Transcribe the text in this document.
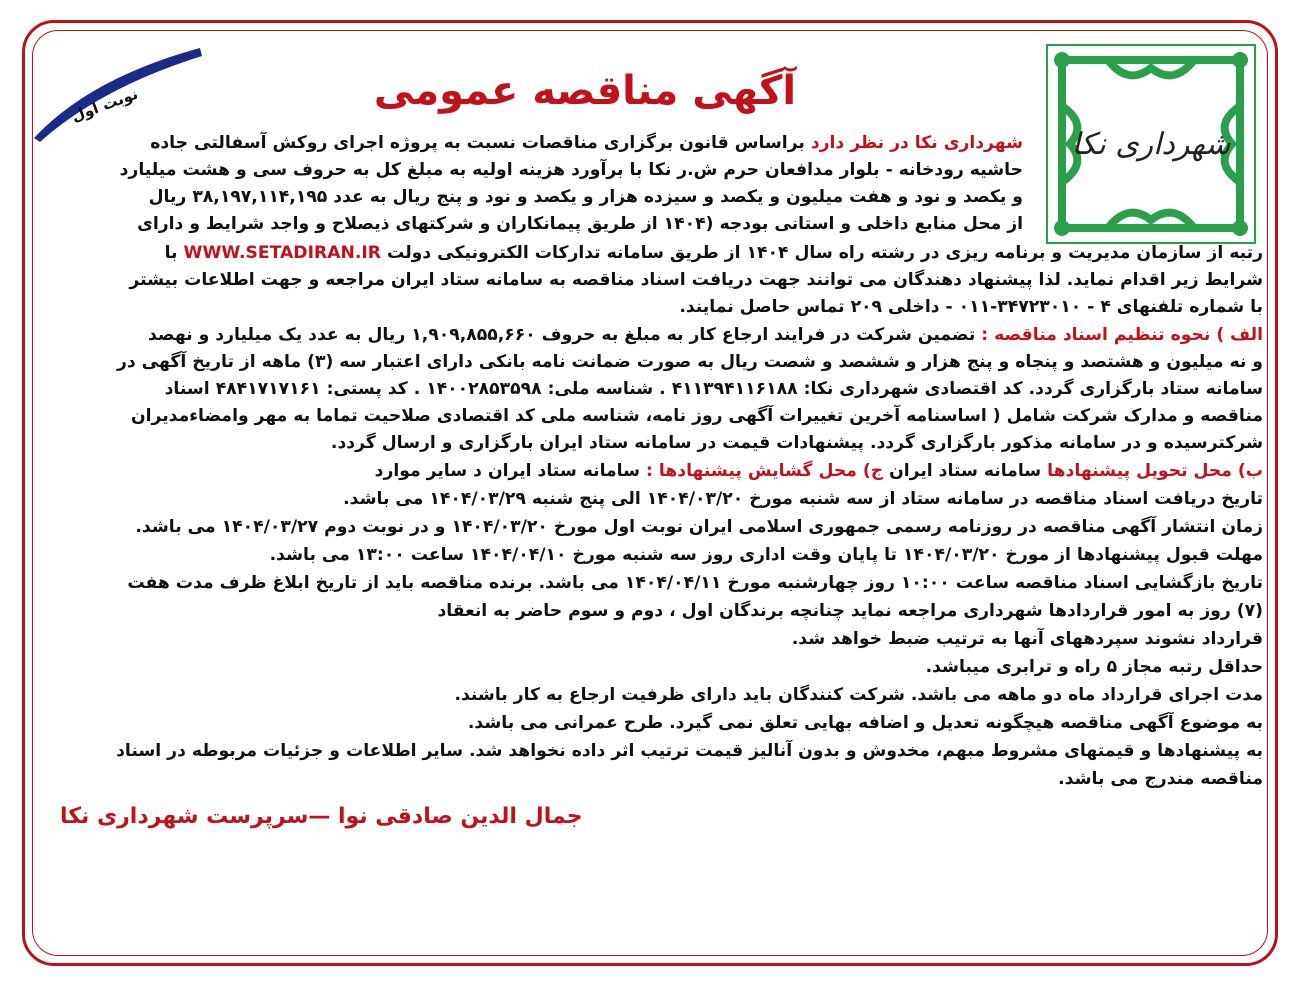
شهرداری نکا
نوبت اول	آگهی مناقصه عمومی
شهرداری نکا در نظر دارد براساس قانون برگزاری مناقصات نسبت به پروژه اجرای روکش آسفالتی جاده
حاشیه رودخانه - بلوار مدافعان حرم ش.ر نکا با برآورد هزینه اولیه به مبلغ کل به حروف سی و هشت میلیارد
و یکصد و نود و هفت میلیون و یکصد و سیزده هزار و یکصد و نود و پنج ریال به عدد ۳۸,۱۹۷,۱۱۴,۱۹۵ ریال
از محل منابع داخلی و استانی بودجه (۱۴۰۴ از طریق پیمانکاران و شرکتهای ذیصلاح و واجد شرایط و دارای
رتبه از سازمان مدیریت و برنامه ریزی در رشته راه سال ۱۴۰۴ از طریق سامانه تدارکات الکترونیکی دولت WWW.SETADIRAN.IR با
شرایط زیر اقدام نماید. لذا پیشنهاد دهندگان می توانند جهت دریافت اسناد مناقصه به سامانه ستاد ایران مراجعه و جهت اطلاعات بیشتر
با شماره تلفنهای ۴ - ۳۴۷۲۳۰۱۰-۰۱۱ - داخلی ۲۰۹ تماس حاصل نمایند.
الف ) نحوه تنظیم اسناد مناقصه : تضمین شرکت در فرایند ارجاع کار به مبلغ به حروف ۱,۹۰۹,۸۵۵,۶۶۰ ریال به عدد یک میلیارد و نهصد
و نه میلیون و هشتصد و پنجاه و پنج هزار و ششصد و شصت ریال به صورت ضمانت نامه بانکی دارای اعتبار سه (۳) ماهه از تاریخ آگهی در
سامانه ستاد بارگزاری گردد. کد اقتصادی شهرداری نکا: ۴۱۱۳۹۴۱۱۶۱۸۸ . شناسه ملی: ۱۴۰۰۲۸۵۳۵۹۸ . کد پستی: ۴۸۴۱۷۱۷۱۶۱ اسناد
مناقصه و مدارک شرکت شامل ( اساسنامه آخرین تغییرات آگهی روز نامه، شناسه ملی کد اقتصادی صلاحیت تماما به مهر وامضاءمدیران
شرکترسیده و در سامانه مذکور بارگزاری گردد. پیشنهادات قیمت در سامانه ستاد ایران بارگزاری و ارسال گردد.
ب) محل تحویل پیشنهادها سامانه ستاد ایران ج) محل گشایش پیشنهادها : سامانه ستاد ایران د سایر موارد
تاریخ دریافت اسناد مناقصه در سامانه ستاد از سه شنبه مورخ ۱۴۰۴/۰۳/۲۰ الی پنج شنبه ۱۴۰۴/۰۳/۲۹ می باشد.
زمان انتشار آگهی مناقصه در روزنامه رسمی جمهوری اسلامی ایران نوبت اول مورخ ۱۴۰۴/۰۳/۲۰ و در نوبت دوم ۱۴۰۴/۰۳/۲۷ می باشد.
مهلت قبول پیشنهادها از مورخ ۱۴۰۴/۰۳/۲۰ تا پایان وقت اداری روز سه شنبه مورخ ۱۴۰۴/۰۴/۱۰ ساعت ۱۳:۰۰ می باشد.
تاریخ بازگشایی اسناد مناقصه ساعت ۱۰:۰۰ روز چهارشنبه مورخ ۱۴۰۴/۰۴/۱۱ می باشد. برنده مناقصه باید از تاریخ ابلاغ ظرف مدت هفت
(۷) روز به امور قراردادها شهرداری مراجعه نماید چنانچه برندگان اول ، دوم و سوم حاضر به انعقاد
قرارداد نشوند سپردههای آنها به ترتیب ضبط خواهد شد.
حداقل رتبه مجاز ۵ راه و ترابری میباشد.
مدت اجرای قرارداد ماه دو ماهه می باشد. شرکت کنندگان باید دارای ظرفیت ارجاع به کار باشند.
به موضوع آگهی مناقصه هیچگونه تعدیل و اضافه بهایی تعلق نمی گیرد. طرح عمرانی می باشد.
به پیشنهادها و قیمتهای مشروط مبهم، مخدوش و بدون آنالیز قیمت ترتیب اثر داده نخواهد شد. سایر اطلاعات و جزئیات مربوطه در اسناد
مناقصه مندرج می باشد.
جمال الدین صادقی نوا —سرپرست شهرداری نکا
